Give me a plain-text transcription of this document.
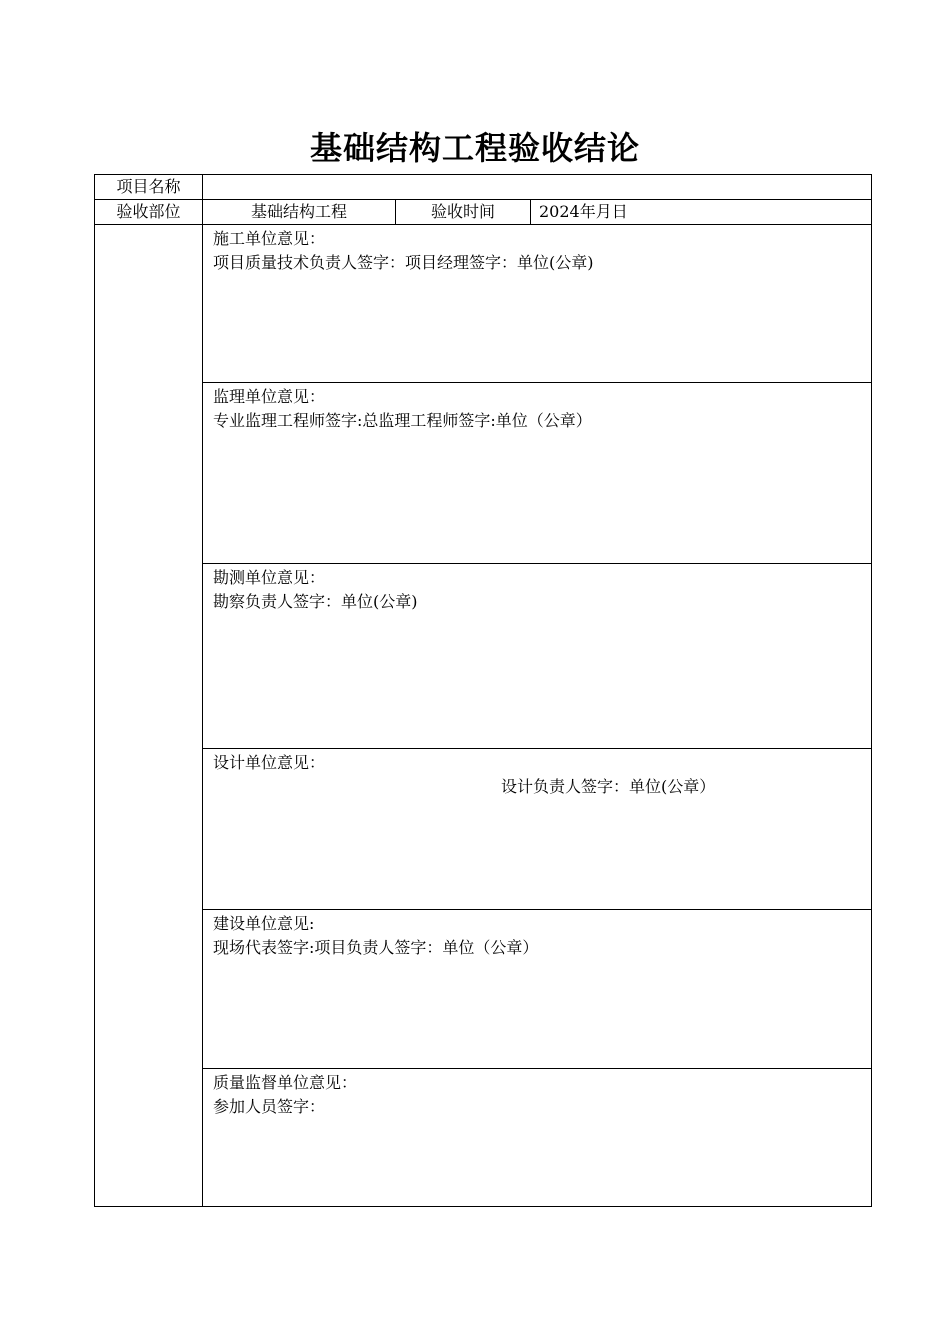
基础结构工程验收结论
项目名称			
验收部位	基础结构工程	验收时间	2024年月日

	施工单位意见：
项目质量技术负责人签字：项目经理签字：单位(公章)		

	监理单位意见：
专业监理工程师签字:总监理工程师签字:单位（公章）		

	勘测单位意见：
勘察负责人签字：单位(公章)		

	设计单位意见：
设计负责人签字：单位(公章）		

	建设单位意见:
现场代表签字:项目负责人签字：单位（公章）		

	质量监督单位意见：
参加人员签字：		
